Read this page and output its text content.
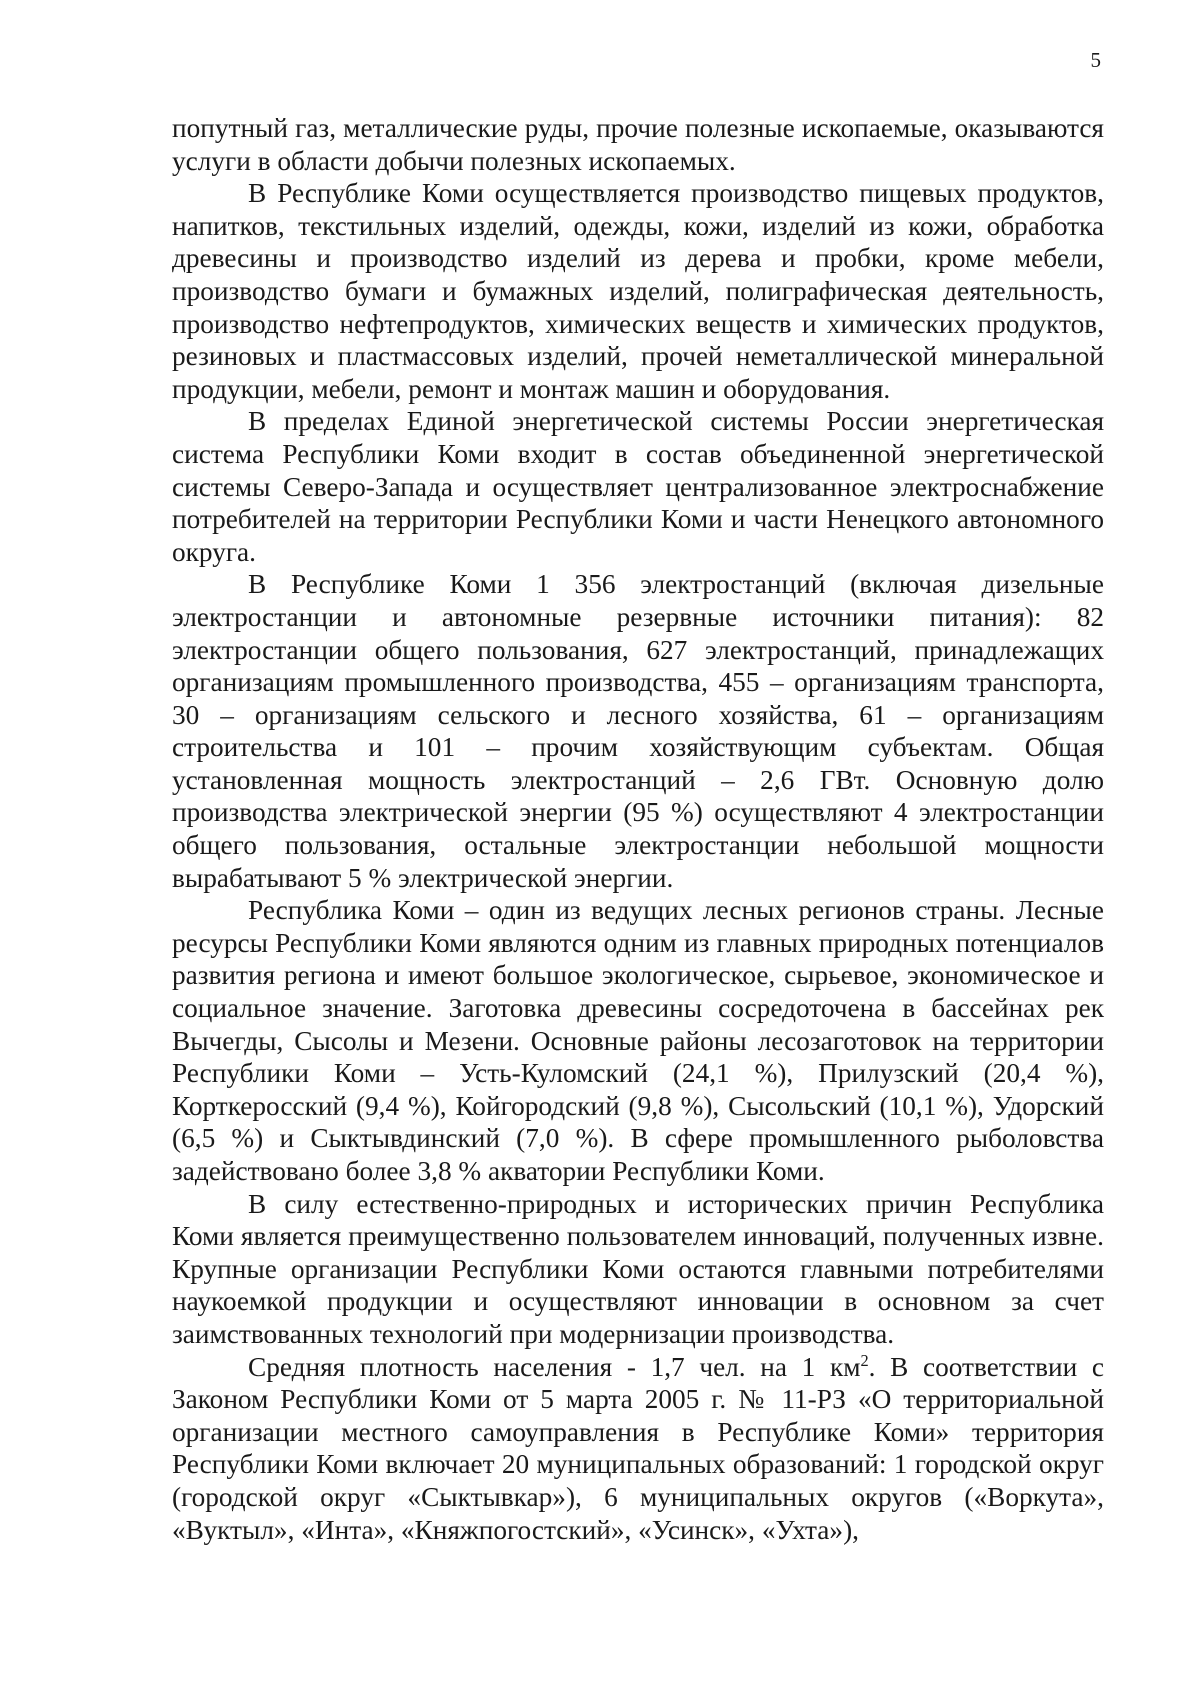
5

попутный газ, металлические руды, прочие полезные ископаемые, оказываются услуги в области добычи полезных ископаемых.

В Республике Коми осуществляется производство пищевых продуктов, напитков, текстильных изделий, одежды, кожи, изделий из кожи, обработка древесины и производство изделий из дерева и пробки, кроме мебели, производство бумаги и бумажных изделий, полиграфическая деятельность, производство нефтепродуктов, химических веществ и химических продуктов, резиновых и пластмассовых изделий, прочей неметаллической минеральной продукции, мебели, ремонт и монтаж машин и оборудования.

В пределах Единой энергетической системы России энергетическая система Республики Коми входит в состав объединенной энергетической системы Северо-Запада и осуществляет централизованное электроснабжение потребителей на территории Республики Коми и части Ненецкого автономного округа.

В Республике Коми 1 356 электростанций (включая дизельные электростанции и автономные резервные источники питания): 82 электростанции общего пользования, 627 электростанций, принадлежащих организациям промышленного производства, 455 – организациям транспорта, 30 – организациям сельского и лесного хозяйства, 61 – организациям строительства и 101 – прочим хозяйствующим субъектам. Общая установленная мощность электростанций – 2,6 ГВт. Основную долю производства электрической энергии (95 %) осуществляют 4 электростанции общего пользования, остальные электростанции небольшой мощности вырабатывают 5 % электрической энергии.

Республика Коми – один из ведущих лесных регионов страны. Лесные ресурсы Республики Коми являются одним из главных природных потенциалов развития региона и имеют большое экологическое, сырьевое, экономическое и социальное значение. Заготовка древесины сосредоточена в бассейнах рек Вычегды, Сысолы и Мезени. Основные районы лесозаготовок на территории Республики Коми – Усть-Куломский (24,1 %), Прилузский (20,4 %), Корткеросский (9,4 %), Койгородский (9,8 %), Сысольский (10,1 %), Удорский (6,5 %) и Сыктывдинский (7,0 %). В сфере промышленного рыболовства задействовано более 3,8 % акватории Республики Коми.

В силу естественно-природных и исторических причин Республика Коми является преимущественно пользователем инноваций, полученных извне. Крупные организации Республики Коми остаются главными потребителями наукоемкой продукции и осуществляют инновации в основном за счет заимствованных технологий при модернизации производства.

Средняя плотность населения - 1,7 чел. на 1 $км^2$. В соответствии с Законом Республики Коми от 5 марта 2005 г. № 11-РЗ «О территориальной организации местного самоуправления в Республике Коми» территория Республики Коми включает 20 муниципальных образований: 1 городской округ (городской округ «Сыктывкар»), 6 муниципальных округов («Воркута», «Вуктыл», «Инта», «Княжпогостский», «Усинск», «Ухта»),
